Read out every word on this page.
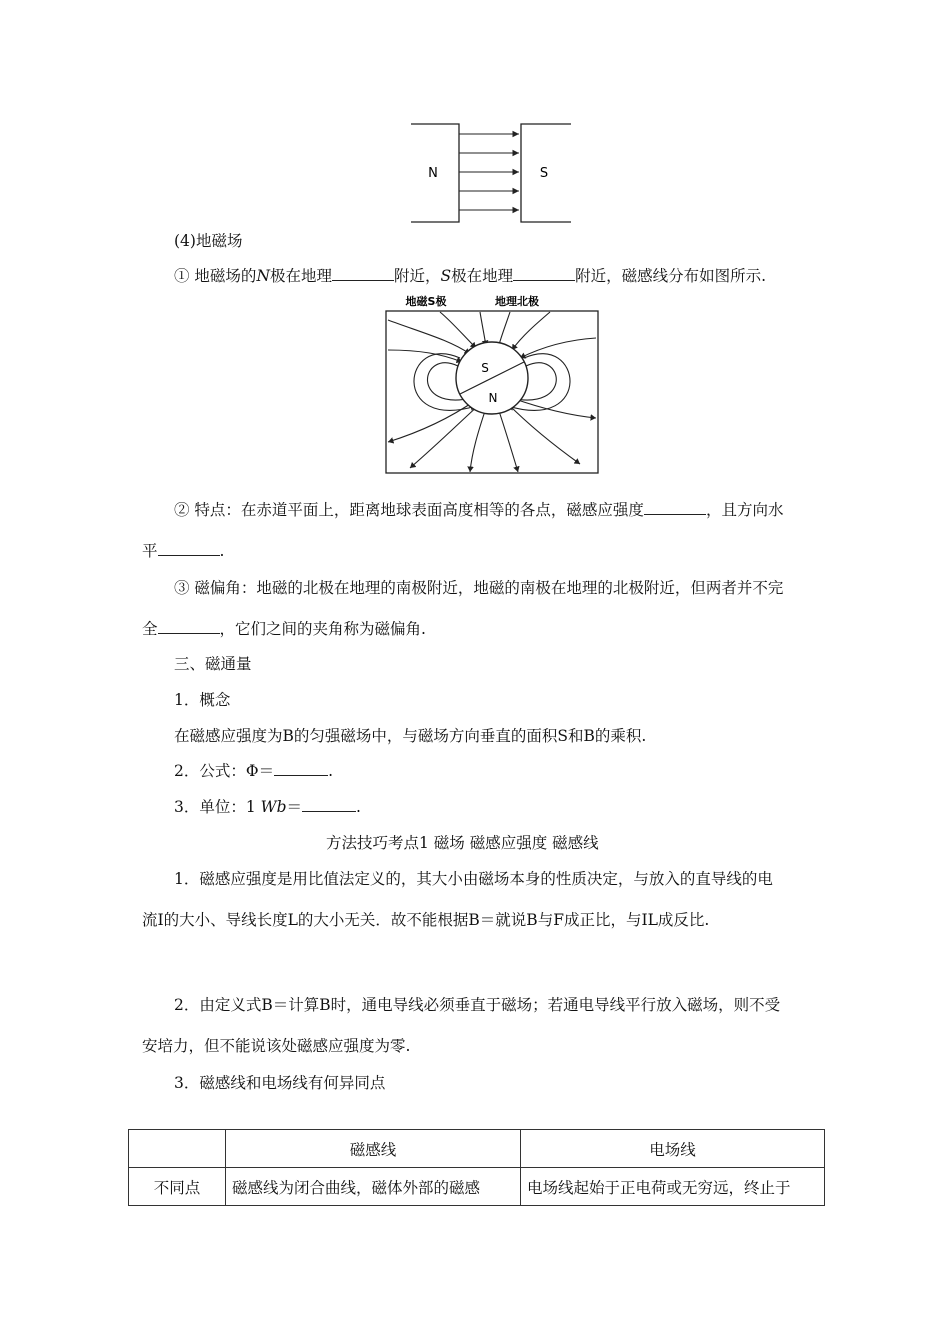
N	S
(4)地磁场
① 地磁场的N极在地理	附近，S极在地理	附近，磁感线分布如图所示.
地磁S极	地理北极
S
N
② 特点：在赤道平面上，距离地球表面高度相等的各点，磁感应强度	，且方向水
平	.
③ 磁偏角：地磁的北极在地理的南极附近，地磁的南极在地理的北极附近，但两者并不完
全	，它们之间的夹角称为磁偏角.
三、磁通量
1．概念
在磁感应强度为B的匀强磁场中，与磁场方向垂直的面积S和B的乘积.
2．公式：Φ＝	.
3．单位：1 Wb＝	.
方法技巧考点1 磁场 磁感应强度 磁感线
1．磁感应强度是用比值法定义的，其大小由磁场本身的性质决定，与放入的直导线的电
流I的大小、导线长度L的大小无关．故不能根据B＝就说B与F成正比，与IL成反比.
2．由定义式B＝计算B时，通电导线必须垂直于磁场；若通电导线平行放入磁场，则不受
安培力，但不能说该处磁感应强度为零.
3．磁感线和电场线有何异同点
	磁感线	电场线
不同点	磁感线为闭合曲线，磁体外部的磁感	电场线起始于正电荷或无穷远，终止于
